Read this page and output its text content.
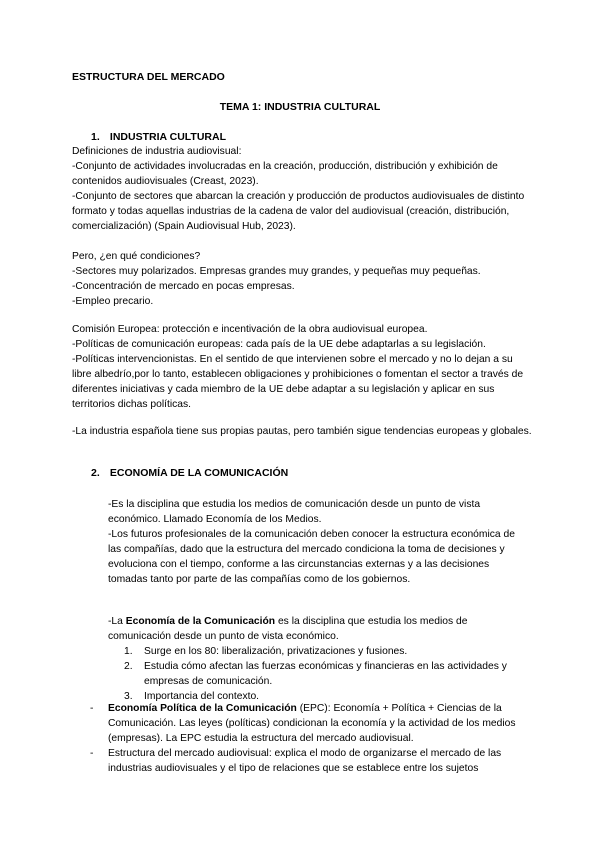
ESTRUCTURA DEL MERCADO
TEMA 1: INDUSTRIA CULTURAL
1. INDUSTRIA CULTURAL

Definiciones de industria audiovisual:

-Conjunto de actividades involucradas en la creación, producción, distribución y exhibición de contenidos audiovisuales (Creast, 2023).

-Conjunto de sectores que abarcan la creación y producción de productos audiovisuales de distinto formato y todas aquellas industrias de la cadena de valor del audiovisual (creación, distribución, comercialización) (Spain Audiovisual Hub, 2023).

Pero, ¿en qué condiciones?

-Sectores muy polarizados. Empresas grandes muy grandes, y pequeñas muy pequeñas.

-Concentración de mercado en pocas empresas.

-Empleo precario.

Comisión Europea: protección e incentivación de la obra audiovisual europea.

-Políticas de comunicación europeas: cada país de la UE debe adaptarlas a su legislación.

-Políticas intervencionistas. En el sentido de que intervienen sobre el mercado y no lo dejan a su libre albedrío,por lo tanto, establecen obligaciones y prohibiciones o fomentan el sector a través de diferentes iniciativas y cada miembro de la UE debe adaptar a su legislación y aplicar en sus territorios dichas políticas.

-La industria española tiene sus propias pautas, pero también sigue tendencias europeas y globales.

2. ECONOMÍA DE LA COMUNICACIÓN

-Es la disciplina que estudia los medios de comunicación desde un punto de vista económico. Llamado Economía de los Medios.

-Los futuros profesionales de la comunicación deben conocer la estructura económica de las compañías, dado que la estructura del mercado condiciona la toma de decisiones y evoluciona con el tiempo, conforme a las circunstancias externas y a las decisiones tomadas tanto por parte de las compañías como de los gobiernos.

-La Economía de la Comunicación es la disciplina que estudia los medios de comunicación desde un punto de vista económico.

1. Surge en los 80: liberalización, privatizaciones y fusiones.
2. Estudia cómo afectan las fuerzas económicas y financieras en las actividades y empresas de comunicación.
3. Importancia del contexto.
- Economía Política de la Comunicación (EPC): Economía + Política + Ciencias de la Comunicación. Las leyes (políticas) condicionan la economía y la actividad de los medios (empresas). La EPC estudia la estructura del mercado audiovisual.
- Estructura del mercado audiovisual: explica el modo de organizarse el mercado de las industrias audiovisuales y el tipo de relaciones que se establece entre los sujetos
